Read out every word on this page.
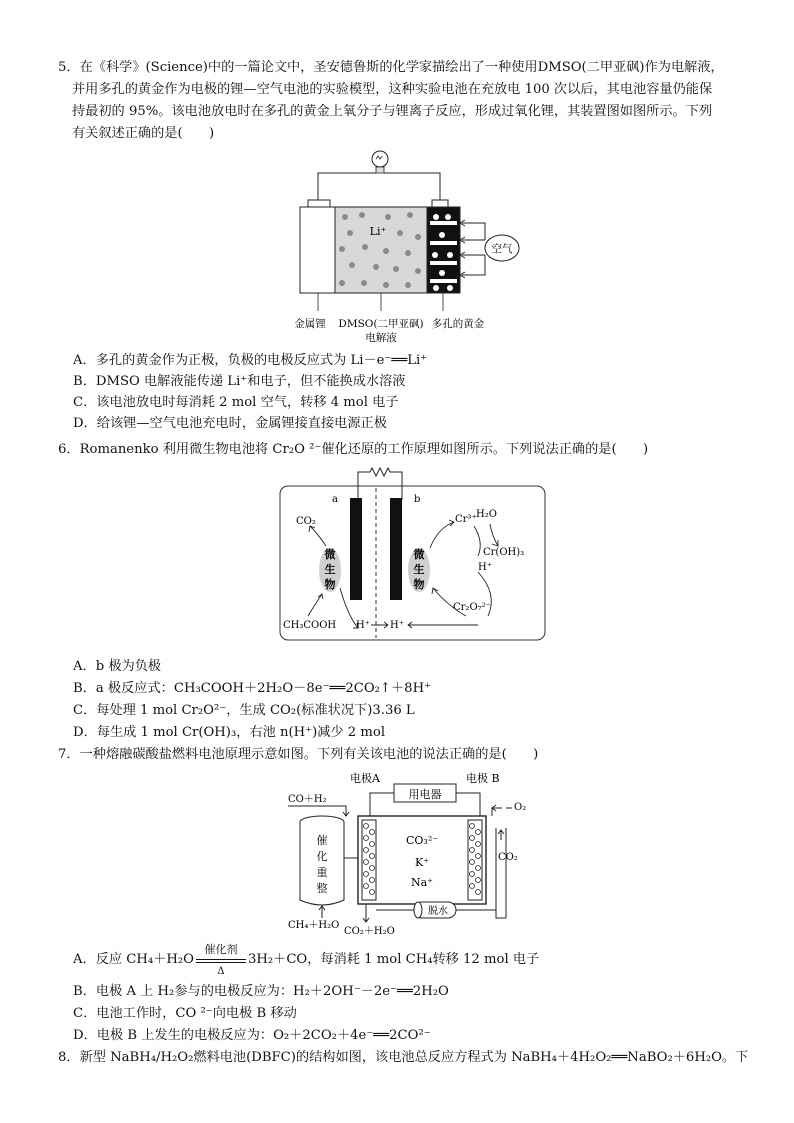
5．在《科学》(Science)中的一篇论文中，圣安德鲁斯的化学家描绘出了一种使用DMSO(二甲亚砜)作为电解液，

并用多孔的黄金作为电极的锂—空气电池的实验模型，这种实验电池在充放电 100 次以后，其电池容量仍能保

持最初的 95%。该电池放电时在多孔的黄金上氧分子与锂离子反应，形成过氧化锂，其装置图如图所示。下列

有关叙述正确的是(　　)

Li⁺
空气
金属锂 DMSO(二甲亚砜)
电解液
多孔的黄金
A．多孔的黄金作为正极，负极的电极反应式为 Li－e⁻══Li⁺
B．DMSO 电解液能传递 Li⁺和电子，但不能换成水溶液
C．该电池放电时每消耗 2 mol 空气，转移 4 mol 电子
D．给该锂—空气电池充电时，金属锂接直接电源正极
6．Romanenko 利用微生物电池将 Cr₂O ²⁻催化还原的工作原理如图所示。下列说法正确的是(　　)
a	b
微
生
物
微
生
物
CO₂
CH₃COOH H⁺ H⁺
Cr³⁺ H₂O
Cr(OH)₃
H⁺
Cr₂O₇²⁻
A．b 极为负极
B．a 极反应式：CH₃COOH＋2H₂O－8e⁻══2CO₂↑＋8H⁺
C．每处理 1 mol Cr₂O²⁻，生成 CO₂(标准状况下)3.36 L
D．每生成 1 mol Cr(OH)₃，右池 n(H⁺)减少 2 mol
7．一种熔融碳酸盐燃料电池原理示意如图。下列有关该电池的说法正确的是(　　)
电极A	电极 B
CO＋H₂	用电器
催
化
重
整
CH₄＋H₂O
CO₃²⁻
K⁺
Na⁺
O₂
CO₂
CO₂＋H₂O
脱水
A．反应 CH₄＋H₂O
催化剂
Δ
3H₂＋CO，每消耗 1 mol CH₄转移 12 mol 电子
B．电极 A 上 H₂参与的电极反应为：H₂＋2OH⁻－2e⁻══2H₂O
C．电池工作时，CO ²⁻向电极 B 移动
D．电极 B 上发生的电极反应为：O₂＋2CO₂＋4e⁻══2CO²⁻
8．新型 NaBH₄/H₂O₂燃料电池(DBFC)的结构如图，该电池总反应方程式为 NaBH₄＋4H₂O₂══NaBO₂＋6H₂O。下
